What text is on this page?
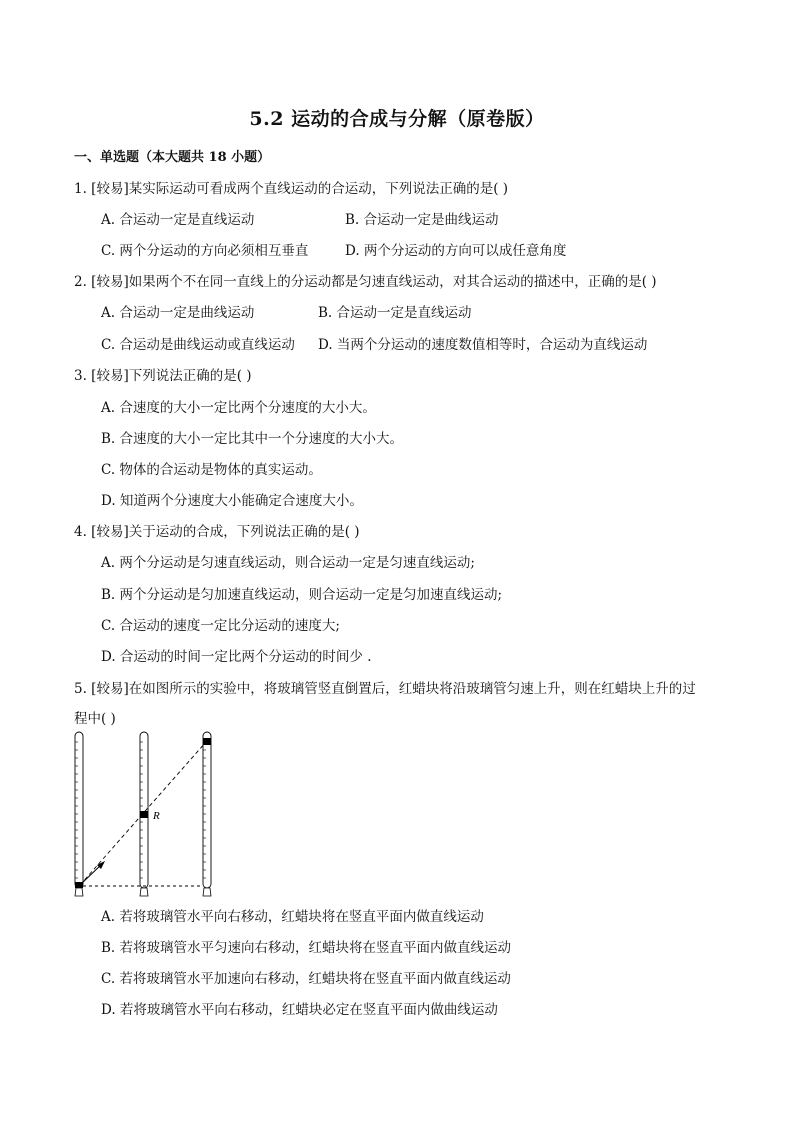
5.2 运动的合成与分解（原卷版）
一、单选题（本大题共 18 小题）
1. [较易]某实际运动可看成两个直线运动的合运动，下列说法正确的是( )
A. 合运动一定是直线运动	B. 合运动一定是曲线运动
C. 两个分运动的方向必须相互垂直	D. 两个分运动的方向可以成任意角度
2. [较易]如果两个不在同一直线上的分运动都是匀速直线运动，对其合运动的描述中，正确的是( )
A. 合运动一定是曲线运动	B. 合运动一定是直线运动
C. 合运动是曲线运动或直线运动 D. 当两个分运动的速度数值相等时，合运动为直线运动
3. [较易]下列说法正确的是( )
A. 合速度的大小一定比两个分速度的大小大。
B. 合速度的大小一定比其中一个分速度的大小大。
C. 物体的合运动是物体的真实运动。
D. 知道两个分速度大小能确定合速度大小。
4. [较易]关于运动的合成，下列说法正确的是( )
A. 两个分运动是匀速直线运动，则合运动一定是匀速直线运动;
B. 两个分运动是匀加速直线运动，则合运动一定是匀加速直线运动;
C. 合运动的速度一定比分运动的速度大;
D. 合运动的时间一定比两个分运动的时间少 .
5. [较易]在如图所示的实验中，将玻璃管竖直倒置后，红蜡块将沿玻璃管匀速上升，则在红蜡块上升的过
程中( )
R
A. 若将玻璃管水平向右移动，红蜡块将在竖直平面内做直线运动
B. 若将玻璃管水平匀速向右移动，红蜡块将在竖直平面内做直线运动
C. 若将玻璃管水平加速向右移动，红蜡块将在竖直平面内做直线运动
D. 若将玻璃管水平向右移动，红蜡块必定在竖直平面内做曲线运动
